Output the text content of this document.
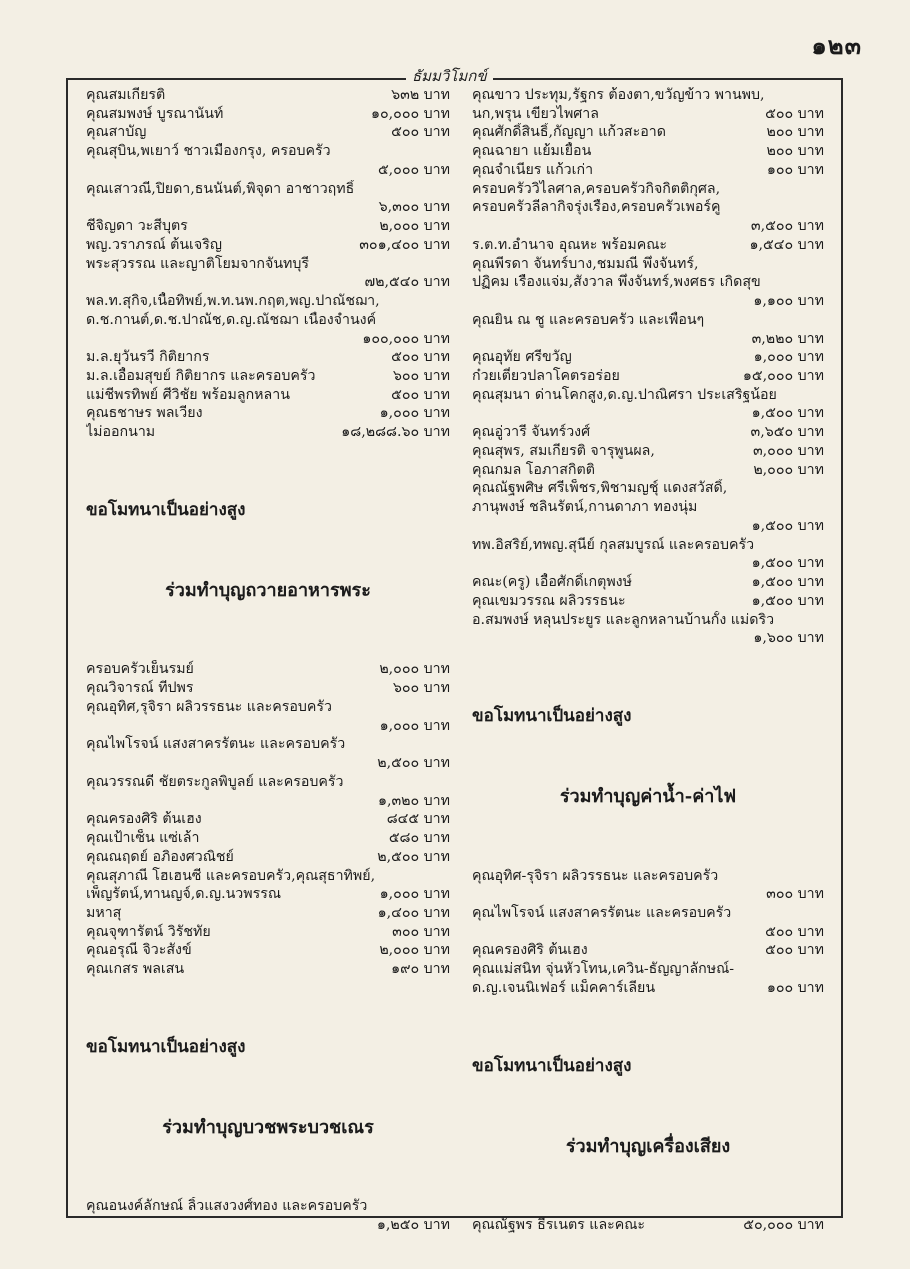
๑๒๓
ธัมมวิโมกข์
คุณสมเกียรติ	๖๓๒ บาท
คุณสมพงษ์ บูรณานันท์	๑๐,๐๐๐ บาท
คุณสาบัญ	๕๐๐ บาท
คุณสุบิน,พเยาว์ ชาวเมืองกรุง, ครอบครัว
๕,๐๐๐ บาท
คุณเสาวณี,ปิยดา,ธนนันต์,พิจุดา อาชาวฤทธิ์
๖,๓๐๐ บาท
ชีจิญดา วะสีบุตร	๒,๐๐๐ บาท
พญ.วราภรณ์ ต้นเจริญ	๓๐๑,๔๐๐ บาท
พระสุวรรณ และญาติโยมจากจันทบุรี
๗๒,๕๔๐ บาท
พล.ท.สุกิจ,เนื้อทิพย์,พ.ท.นพ.กฤต,พญ.ปาณัชฌา,
ด.ช.กานต์,ด.ช.ปาณัช,ด.ญ.ณัชฌา เนื่องจำนงค์
๑๐๐,๐๐๐ บาท
ม.ล.ยุวันรวี กิติยากร	๕๐๐ บาท
ม.ล.เอื้อมสุขย์ กิติยากร และครอบครัว	๖๐๐ บาท
แม่ชีพรทิพย์ ศีวิชัย พร้อมลูกหลาน	๕๐๐ บาท
คุณธชาษร พลเวียง	๑,๐๐๐ บาท
ไม่ออกนาม	๑๘,๒๘๘.๖๐ บาท
ขอโมทนาเป็นอย่างสูง
ร่วมทำบุญถวายอาหารพระ
ครอบครัวเย็นรมย์	๒,๐๐๐ บาท
คุณวิจารณ์ ทีปพร	๖๐๐ บาท
คุณอุทิศ,รุจิรา ผลิวรรธนะ และครอบครัว
๑,๐๐๐ บาท
คุณไพโรจน์ แสงสาครรัตนะ และครอบครัว
๒,๕๐๐ บาท
คุณวรรณดี ชัยตระกูลพิบูลย์ และครอบครัว
๑,๓๒๐ บาท
คุณครองศิริ ต้นเฮง	๘๔๕ บาท
คุณเป้าเซ็น แซ่เล้า	๕๘๐ บาท
คุณณฤดย์ อภิองศวณิชย์	๒,๕๐๐ บาท
คุณสุภาณี โฮเฮนซี และครอบครัว,คุณสุธาทิพย์,
เพ็ญรัตน์,ทานญจ์,ด.ญ.นวพรรณ	๑,๐๐๐ บาท
มหาสุ	๑,๔๐๐ บาท
คุณจุฑารัตน์ วิรัชทัย	๓๐๐ บาท
คุณอรุณี จิวะสังข์	๒,๐๐๐ บาท
คุณเกสร พลเสน	๑๙๐ บาท
ขอโมทนาเป็นอย่างสูง
ร่วมทำบุญบวชพระบวชเณร
คุณอนงค์ลักษณ์ ลิ้วแสงวงศ์ทอง และครอบครัว
๑,๒๕๐ บาท
คุณขาว ประทุม,รัฐกร ต้องตา,ขวัญข้าว พานพบ,
นก,พรุน เขียวไพศาล	๕๐๐ บาท
คุณศักดิ์สินธิ์,กัญญา แก้วสะอาด	๒๐๐ บาท
คุณฉายา แย้มเยื้อน	๒๐๐ บาท
คุณจำเนียร แก้วเก่า	๑๐๐ บาท
ครอบครัววิไลศาล,ครอบครัวกิจกิตติกุศล,
ครอบครัวลีลากิจรุ่งเรือง,ครอบครัวเพอร์คู
๓,๕๐๐ บาท
ร.ต.ท.อำนาจ อุณหะ พร้อมคณะ	๑,๕๔๐ บาท
คุณพีรดา จันทร์บาง,ชมมณี พึ่งจันทร์,
ปฏิคม เรืองแจ่ม,สังวาล พึ่งจันทร์,พงศธร เกิดสุข
๑,๑๐๐ บาท
คุณยิน ณ ชู และครอบครัว และเพื่อนๆ
๓,๒๒๐ บาท
คุณอุทัย ศรีขวัญ	๑,๐๐๐ บาท
ก๋วยเตี๋ยวปลาโคตรอร่อย	๑๕,๐๐๐ บาท
คุณสุมนา ด่านโคกสูง,ด.ญ.ปาณิศรา ประเสริฐน้อย
๑,๕๐๐ บาท
คุณอู่วารี จันทร์วงศ์	๓,๖๕๐ บาท
คุณสุพร, สมเกียรติ จารุพูนผล,	๓,๐๐๐ บาท
คุณกมล โอภาสกิตติ	๒,๐๐๐ บาท
คุณณัฐพศิษ ศรีเพ็ชร,พิชามญชุ์ แดงสวัสดิ์,
ภานุพงษ์ ชลินรัตน์,กานดาภา ทองนุ่ม
๑,๕๐๐ บาท
ทพ.อิสริย์,ทพญ.สุนีย์ กุลสมบูรณ์ และครอบครัว
๑,๕๐๐ บาท
คณะ(ครู) เอื้อศักดิ์เกตุพงษ์	๑,๕๐๐ บาท
คุณเขมวรรณ ผลิวรรธนะ	๑,๕๐๐ บาท
อ.สมพงษ์ หลุนประยูร และลูกหลานบ้านกั้ง แม่ดริว
๑,๖๐๐ บาท
ขอโมทนาเป็นอย่างสูง
ร่วมทำบุญค่าน้ำ-ค่าไฟ
คุณอุทิศ-รุจิรา ผลิวรรธนะ และครอบครัว
๓๐๐ บาท
คุณไพโรจน์ แสงสาครรัตนะ และครอบครัว
๕๐๐ บาท
คุณครองศิริ ต้นเฮง	๕๐๐ บาท
คุณแม่สนิท จุ่นหัวโทน,เควิน-ธัญญาลักษณ์-
ด.ญ.เจนนิเฟอร์ แม็คคาร์เลียน	๑๐๐ บาท
ขอโมทนาเป็นอย่างสูง
ร่วมทำบุญเครื่องเสียง
คุณณัฐพร ธีรเนตร และคณะ	๕๐,๐๐๐ บาท
